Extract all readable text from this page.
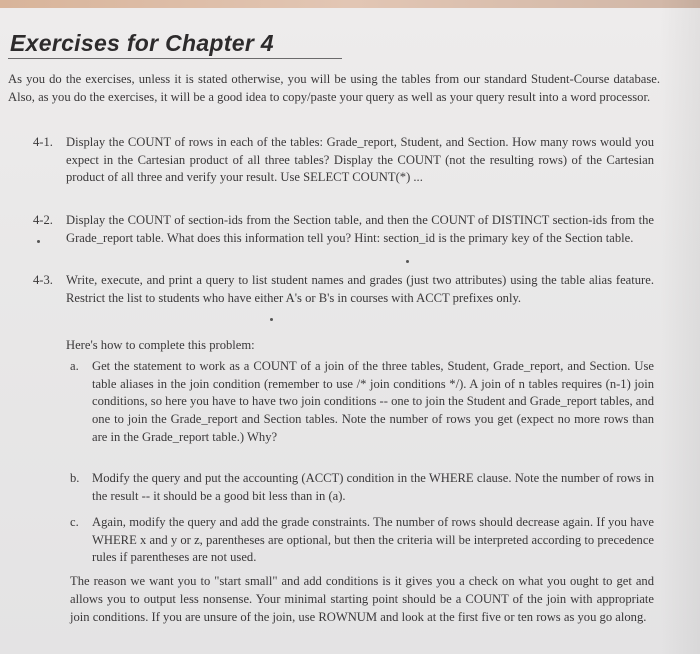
Exercises for Chapter 4
As you do the exercises, unless it is stated otherwise, you will be using the tables from our standard Student-Course database. Also, as you do the exercises, it will be a good idea to copy/paste your query as well as your query result into a word processor.
4-1. Display the COUNT of rows in each of the tables: Grade_report, Student, and Section. How many rows would you expect in the Cartesian product of all three tables? Display the COUNT (not the resulting rows) of the Cartesian product of all three and verify your result. Use SELECT COUNT(*) ...
4-2. Display the COUNT of section-ids from the Section table, and then the COUNT of DISTINCT section-ids from the Grade_report table. What does this information tell you? Hint: section_id is the primary key of the Section table.
4-3. Write, execute, and print a query to list student names and grades (just two attributes) using the table alias feature. Restrict the list to students who have either A's or B's in courses with ACCT prefixes only.
Here's how to complete this problem:
a. Get the statement to work as a COUNT of a join of the three tables, Student, Grade_report, and Section. Use table aliases in the join condition (remember to use /* join conditions */). A join of n tables requires (n-1) join conditions, so here you have to have two join conditions -- one to join the Student and Grade_report tables, and one to join the Grade_report and Section tables. Note the number of rows you get (expect no more rows than are in the Grade_report table.) Why?
b. Modify the query and put the accounting (ACCT) condition in the WHERE clause. Note the number of rows in the result -- it should be a good bit less than in (a).
c. Again, modify the query and add the grade constraints. The number of rows should decrease again. If you have WHERE x and y or z, parentheses are optional, but then the criteria will be interpreted according to precedence rules if parentheses are not used.
The reason we want you to "start small" and add conditions is it gives you a check on what you ought to get and allows you to output less nonsense. Your minimal starting point should be a COUNT of the join with appropriate join conditions. If you are unsure of the join, use ROWNUM and look at the first five or ten rows as you go along.
